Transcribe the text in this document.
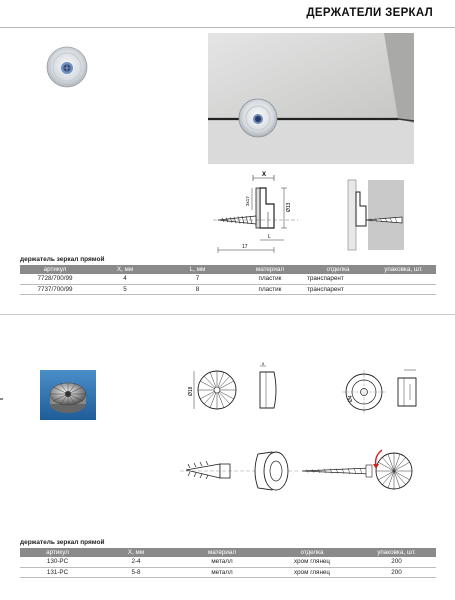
ДЕРЖАТЕЛИ ЗЕРКАЛ
X
Ø13
3x17
L
17
держатель зеркал прямой
артикул	Х, мм	L, мм	материал	отделка	упаковка, шт.
7728/700/99	4	7	пластик	транспарент	
7737/700/99	5	8	пластик	транспарент	
Ø18
x
Ø4
держатель зеркал прямой
артикул	Х, мм	материал	отделка	упаковка, шт.
130-PC	2-4	металл	хром глянец	200
131-PC	5-8	металл	хром глянец	200
